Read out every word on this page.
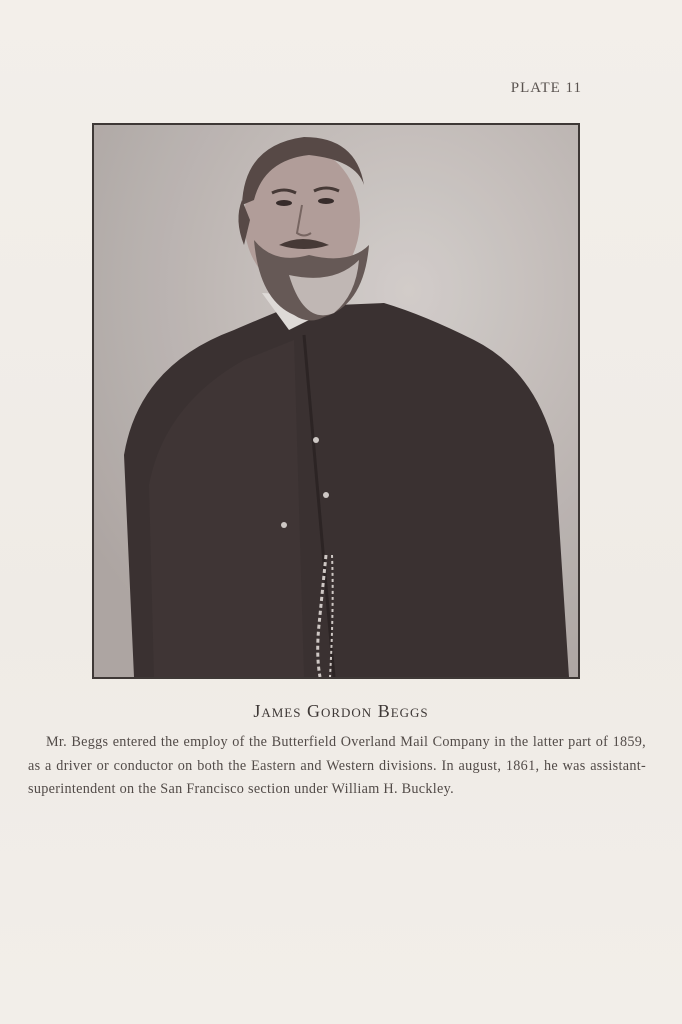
PLATE 11
James Gordon Beggs
Mr. Beggs entered the employ of the Butterfield Overland Mail Company in the latter part of 1859, as a driver or conductor on both the Eastern and Western divisions. In august, 1861, he was assistant-superintendent on the San Francisco section under William H. Buckley.
